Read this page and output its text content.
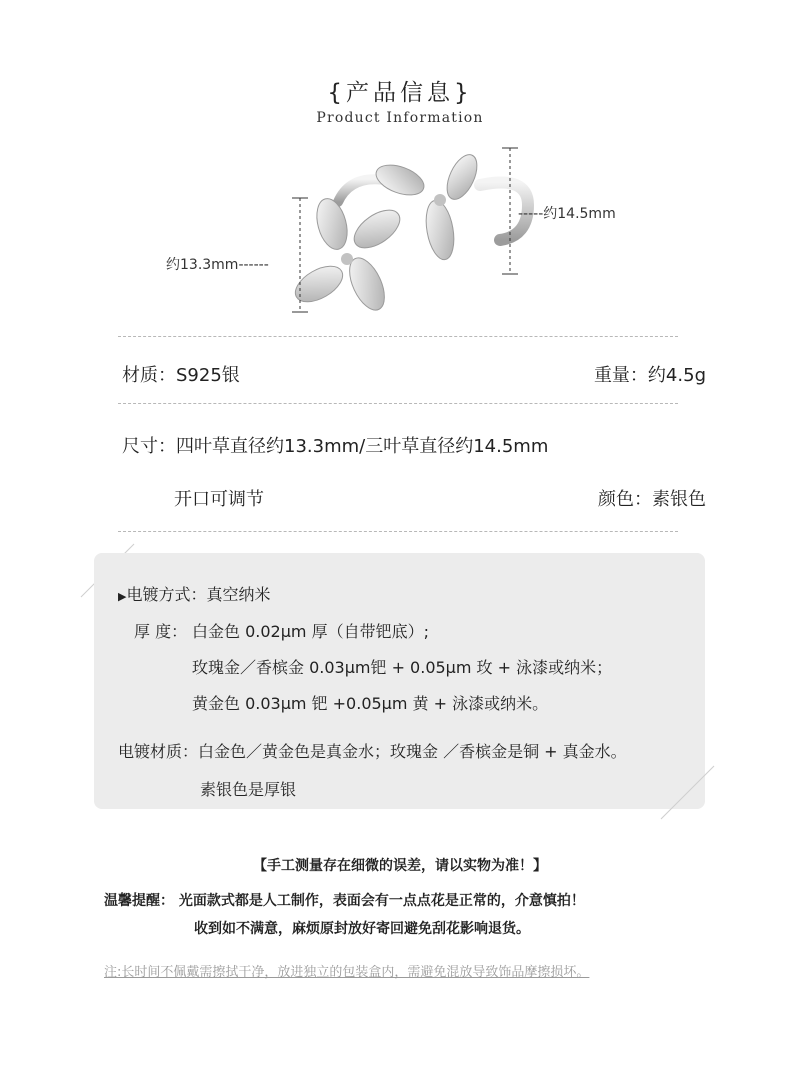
{产品信息}
Product Information
约13.3mm------
-----约14.5mm
材质：S925银	重量：约4.5g
尺寸：四叶草直径约13.3mm/三叶草直径约14.5mm
开口可调节	颜色：素银色
▶电镀方式：真空纳米
厚 度： 白金色 0.02μm 厚（自带钯底）;
玫瑰金／香槟金 0.03μm钯 + 0.05μm 玫 + 泳漆或纳米；
黄金色 0.03μm 钯 +0.05μm 黄 + 泳漆或纳米。
电镀材质：白金色／黄金色是真金水；玫瑰金 ／香槟金是铜 + 真金水。
素银色是厚银
【手工测量存在细微的误差，请以实物为准！】
温馨提醒： 光面款式都是人工制作，表面会有一点点花是正常的，介意慎拍！
收到如不满意，麻烦原封放好寄回避免刮花影响退货。
注:长时间不佩戴需擦拭干净，放进独立的包装盒内，需避免混放导致饰品摩擦损坏。
